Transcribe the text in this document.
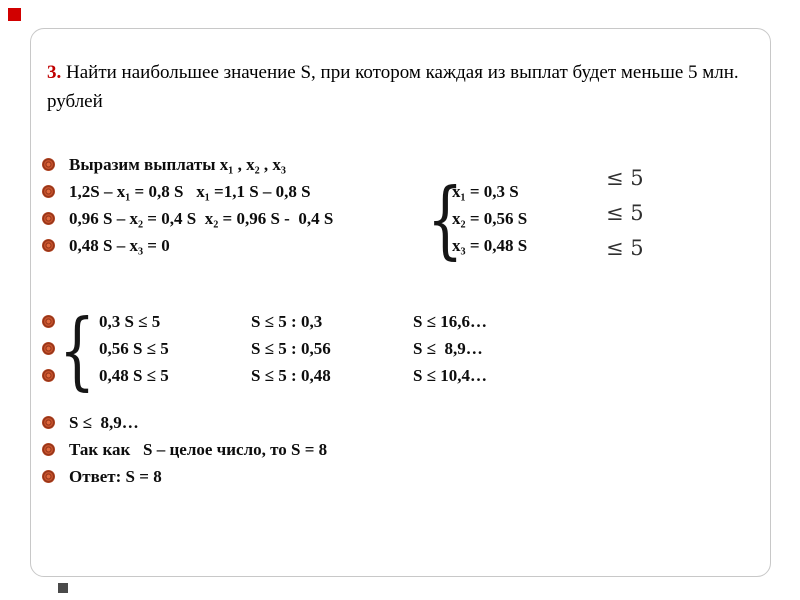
3. Найти наибольшее значение S, при котором каждая из выплат будет меньше 5 млн. рублей
Выразим выплаты x₁ , x₂ , x₃
1,2S – x₁ = 0,8 S   x₁ =1,1 S – 0,8 S
0,96 S – x₂ = 0,4 S  x₂ = 0,96 S -  0,4 S
0,48 S – x₃ = 0	{
x₁ = 0,3 S
x₂ = 0,56 S
x₃ = 0,48 S
≤ 5
≤ 5
≤ 5
{ 0,3 S ≤ 5	S ≤ 5 : 0,3	S ≤ 16,6…
0,56 S ≤ 5	S ≤ 5 : 0,56	S ≤  8,9…
0,48 S ≤ 5	S ≤ 5 : 0,48	S ≤ 10,4…
S ≤  8,9…
Так как   S – целое число, то S = 8
Ответ: S = 8
